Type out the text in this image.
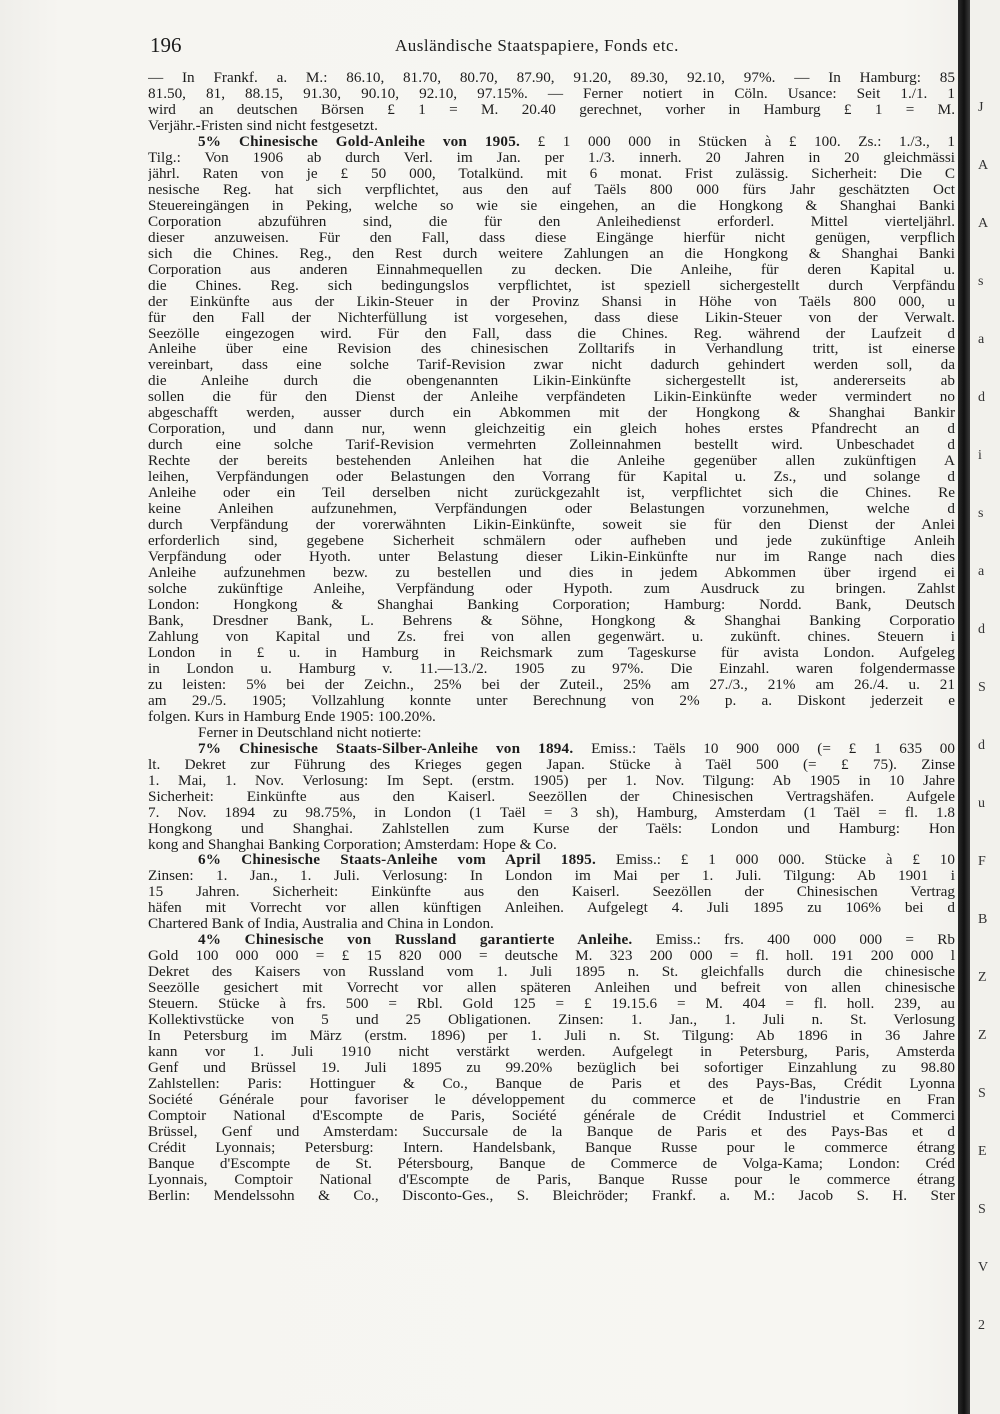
196	Ausländische Staatspapiere, Fonds etc.
— In Frankf. a. M.: 86.10, 81.70, 80.70, 87.90, 91.20, 89.30, 92.10, 97%. — In Hamburg: 85
81.50, 81, 88.15, 91.30, 90.10, 92.10, 97.15%. — Ferner notiert in Cöln. Usance: Seit 1./1. 1
wird an deutschen Börsen £ 1 = M. 20.40 gerechnet, vorher in Hamburg £ 1 = M.
Verjähr.-Fristen sind nicht festgesetzt.
5% Chinesische Gold-Anleihe von 1905. £ 1 000 000 in Stücken à £ 100. Zs.: 1./3., 1
Tilg.: Von 1906 ab durch Verl. im Jan. per 1./3. innerh. 20 Jahren in 20 gleichmässi
jährl. Raten von je £ 50 000, Totalkünd. mit 6 monat. Frist zulässig. Sicherheit: Die C
nesische Reg. hat sich verpflichtet, aus den auf Taëls 800 000 fürs Jahr geschätzten Oct
Steuereingängen in Peking, welche so wie sie eingehen, an die Hongkong & Shanghai Banki
Corporation abzuführen sind, die für den Anleihedienst erforderl. Mittel vierteljährl.
dieser anzuweisen. Für den Fall, dass diese Eingänge hierfür nicht genügen, verpflich
sich die Chines. Reg., den Rest durch weitere Zahlungen an die Hongkong & Shanghai Banki
Corporation aus anderen Einnahmequellen zu decken. Die Anleihe, für deren Kapital u.
die Chines. Reg. sich bedingungslos verpflichtet, ist speziell sichergestellt durch Verpfändu
der Einkünfte aus der Likin-Steuer in der Provinz Shansi in Höhe von Taëls 800 000, u
für den Fall der Nichterfüllung ist vorgesehen, dass diese Likin-Steuer von der Verwalt.
Seezölle eingezogen wird. Für den Fall, dass die Chines. Reg. während der Laufzeit d
Anleihe über eine Revision des chinesischen Zolltarifs in Verhandlung tritt, ist einerse
vereinbart, dass eine solche Tarif-Revision zwar nicht dadurch gehindert werden soll, da
die Anleihe durch die obengenannten Likin-Einkünfte sichergestellt ist, andererseits ab
sollen die für den Dienst der Anleihe verpfändeten Likin-Einkünfte weder vermindert no
abgeschafft werden, ausser durch ein Abkommen mit der Hongkong & Shanghai Bankir
Corporation, und dann nur, wenn gleichzeitig ein gleich hohes erstes Pfandrecht an d
durch eine solche Tarif-Revision vermehrten Zolleinnahmen bestellt wird. Unbeschadet d
Rechte der bereits bestehenden Anleihen hat die Anleihe gegenüber allen zukünftigen A
leihen, Verpfändungen oder Belastungen den Vorrang für Kapital u. Zs., und solange d
Anleihe oder ein Teil derselben nicht zurückgezahlt ist, verpflichtet sich die Chines. Re
keine Anleihen aufzunehmen, Verpfändungen oder Belastungen vorzunehmen, welche d
durch Verpfändung der vorerwähnten Likin-Einkünfte, soweit sie für den Dienst der Anlei
erforderlich sind, gegebene Sicherheit schmälern oder aufheben und jede zukünftige Anleih
Verpfändung oder Hyoth. unter Belastung dieser Likin-Einkünfte nur im Range nach dies
Anleihe aufzunehmen bezw. zu bestellen und dies in jedem Abkommen über irgend ei
solche zukünftige Anleihe, Verpfändung oder Hypoth. zum Ausdruck zu bringen. Zahlst
London: Hongkong & Shanghai Banking Corporation; Hamburg: Nordd. Bank, Deutsch
Bank, Dresdner Bank, L. Behrens & Söhne, Hongkong & Shanghai Banking Corporatio
Zahlung von Kapital und Zs. frei von allen gegenwärt. u. zukünft. chines. Steuern i
London in £ u. in Hamburg in Reichsmark zum Tageskurse für avista London. Aufgeleg
in London u. Hamburg v. 11.—13./2. 1905 zu 97%. Die Einzahl. waren folgendermasse
zu leisten: 5% bei der Zeichn., 25% bei der Zuteil., 25% am 27./3., 21% am 26./4. u. 21
am 29./5. 1905; Vollzahlung konnte unter Berechnung von 2% p. a. Diskont jederzeit e
folgen. Kurs in Hamburg Ende 1905: 100.20%.
Ferner in Deutschland nicht notierte:
7% Chinesische Staats-Silber-Anleihe von 1894. Emiss.: Taëls 10 900 000 (= £ 1 635 00
lt. Dekret zur Führung des Krieges gegen Japan. Stücke à Taël 500 (= £ 75). Zinse
1. Mai, 1. Nov. Verlosung: Im Sept. (erstm. 1905) per 1. Nov. Tilgung: Ab 1905 in 10 Jahre
Sicherheit: Einkünfte aus den Kaiserl. Seezöllen der Chinesischen Vertragshäfen. Aufgele
7. Nov. 1894 zu 98.75%, in London (1 Taël = 3 sh), Hamburg, Amsterdam (1 Taël = fl. 1.8
Hongkong und Shanghai. Zahlstellen zum Kurse der Taëls: London und Hamburg: Hon
kong and Shanghai Banking Corporation; Amsterdam: Hope & Co.
6% Chinesische Staats-Anleihe vom April 1895. Emiss.: £ 1 000 000. Stücke à £ 10
Zinsen: 1. Jan., 1. Juli. Verlosung: In London im Mai per 1. Juli. Tilgung: Ab 1901 i
15 Jahren. Sicherheit: Einkünfte aus den Kaiserl. Seezöllen der Chinesischen Vertrag
häfen mit Vorrecht vor allen künftigen Anleihen. Aufgelegt 4. Juli 1895 zu 106% bei d
Chartered Bank of India, Australia and China in London.
4% Chinesische von Russland garantierte Anleihe. Emiss.: frs. 400 000 000 = Rb
Gold 100 000 000 = £ 15 820 000 = deutsche M. 323 200 000 = fl. holl. 191 200 000 l
Dekret des Kaisers von Russland vom 1. Juli 1895 n. St. gleichfalls durch die chinesische
Seezölle gesichert mit Vorrecht vor allen späteren Anleihen und befreit von allen chinesische
Steuern. Stücke à frs. 500 = Rbl. Gold 125 = £ 19.15.6 = M. 404 = fl. holl. 239, au
Kollektivstücke von 5 und 25 Obligationen. Zinsen: 1. Jan., 1. Juli n. St. Verlosung
In Petersburg im März (erstm. 1896) per 1. Juli n. St. Tilgung: Ab 1896 in 36 Jahre
kann vor 1. Juli 1910 nicht verstärkt werden. Aufgelegt in Petersburg, Paris, Amsterda
Genf und Brüssel 19. Juli 1895 zu 99.20% bezüglich bei sofortiger Einzahlung zu 98.80
Zahlstellen: Paris: Hottinguer & Co., Banque de Paris et des Pays-Bas, Crédit Lyonna
Société Générale pour favoriser le développement du commerce et de l'industrie en Fran
Comptoir National d'Escompte de Paris, Société générale de Crédit Industriel et Commerci
Brüssel, Genf und Amsterdam: Succursale de la Banque de Paris et des Pays-Bas et d
Crédit Lyonnais; Petersburg: Intern. Handelsbank, Banque Russe pour le commerce étrang
Banque d'Escompte de St. Pétersbourg, Banque de Commerce de Volga-Kama; London: Créd
Lyonnais, Comptoir National d'Escompte de Paris, Banque Russe pour le commerce étrang
Berlin: Mendelssohn & Co., Disconto-Ges., S. Bleichröder; Frankf. a. M.: Jacob S. H. Ster
J
A
A
s
a
d
i
s
a
d
S
d
u
F
B
Z
Z
S
E
S
V
2
